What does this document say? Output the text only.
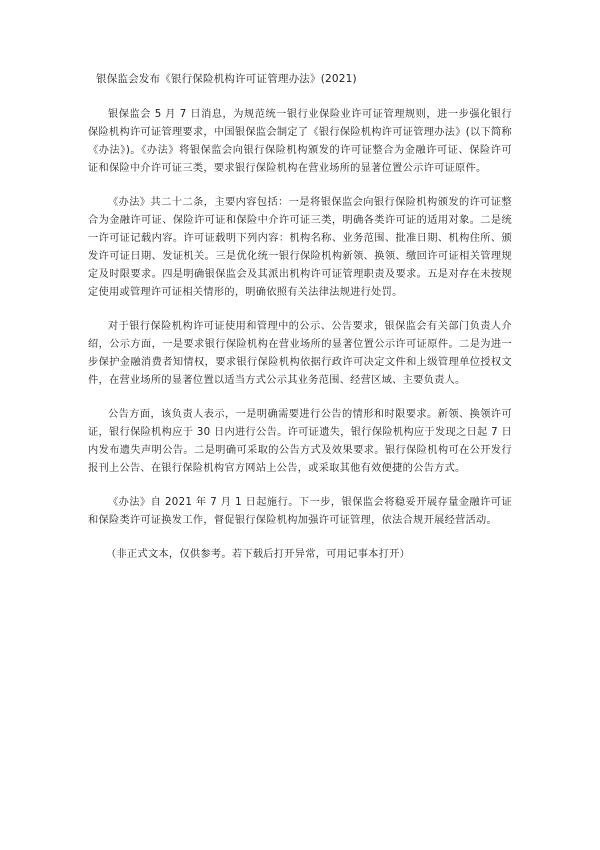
银保监会发布《银行保险机构许可证管理办法》(2021)

银保监会 5 月 7 日消息，为规范统一银行业保险业许可证管理规则，进一步强化银行保险机构许可证管理要求，中国银保监会制定了《银行保险机构许可证管理办法》(以下简称《办法》)。《办法》将银保监会向银行保险机构颁发的许可证整合为金融许可证、保险许可证和保险中介许可证三类，要求银行保险机构在营业场所的显著位置公示许可证原件。

《办法》共二十二条，主要内容包括：一是将银保监会向银行保险机构颁发的许可证整合为金融许可证、保险许可证和保险中介许可证三类，明确各类许可证的适用对象。二是统一许可证记载内容。许可证载明下列内容：机构名称、业务范围、批准日期、机构住所、颁发许可证日期、发证机关。三是优化统一银行保险机构新领、换领、缴回许可证相关管理规定及时限要求。四是明确银保监会及其派出机构许可证管理职责及要求。五是对存在未按规定使用或管理许可证相关情形的，明确依照有关法律法规进行处罚。

对于银行保险机构许可证使用和管理中的公示、公告要求，银保监会有关部门负责人介绍，公示方面，一是要求银行保险机构在营业场所的显著位置公示许可证原件。二是为进一步保护金融消费者知情权，要求银行保险机构依据行政许可决定文件和上级管理单位授权文件，在营业场所的显著位置以适当方式公示其业务范围、经营区域、主要负责人。

公告方面，该负责人表示，一是明确需要进行公告的情形和时限要求。新领、换领许可证，银行保险机构应于 30 日内进行公告。许可证遗失，银行保险机构应于发现之日起 7 日内发布遗失声明公告。二是明确可采取的公告方式及效果要求。银行保险机构可在公开发行报刊上公告、在银行保险机构官方网站上公告，或采取其他有效便捷的公告方式。

《办法》自 2021 年 7 月 1 日起施行。下一步，银保监会将稳妥开展存量金融许可证和保险类许可证换发工作，督促银行保险机构加强许可证管理，依法合规开展经营活动。

（非正式文本，仅供参考。若下载后打开异常，可用记事本打开）
